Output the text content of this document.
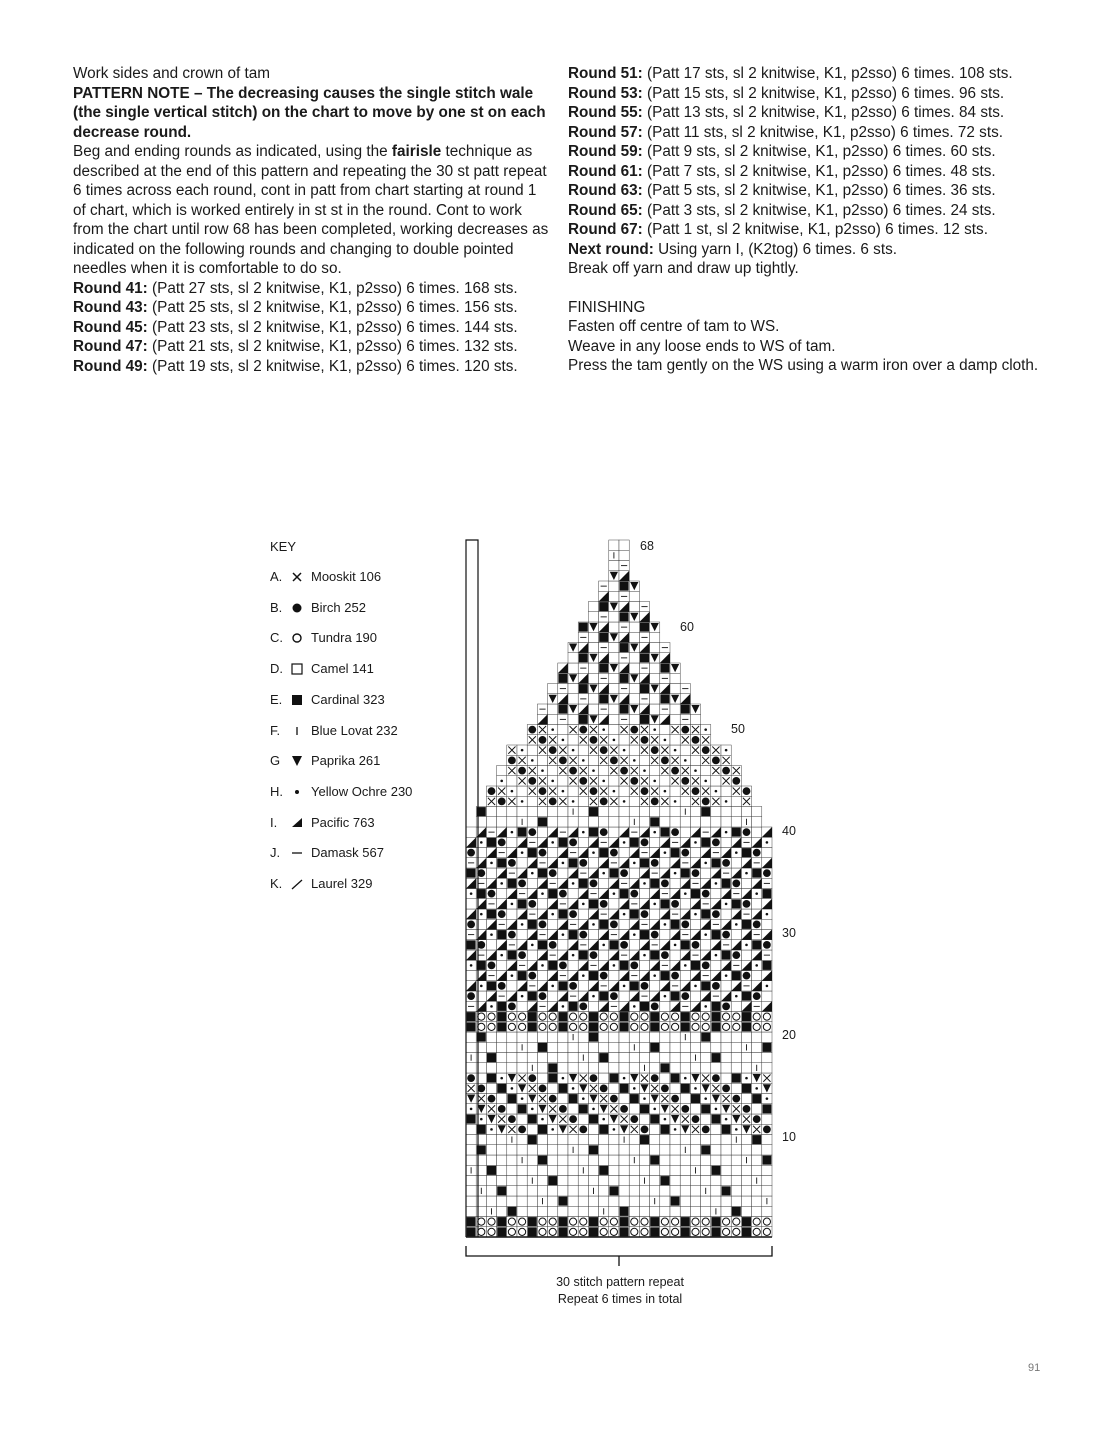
Work sides and crown of tam

PATTERN NOTE – The decreasing causes the single stitch wale (the single vertical stitch) on the chart to move by one st on each decrease round.

Beg and ending rounds as indicated, using the fairisle technique as described at the end of this pattern and repeating the 30 st patt repeat 6 times across each round, cont in patt from chart starting at round 1 of chart, which is worked entirely in st st in the round. Cont to work from the chart until row 68 has been completed, working decreases as indicated on the following rounds and changing to double pointed needles when it is comfortable to do so.

Round 41: (Patt 27 sts, sl 2 knitwise, K1, p2sso) 6 times. 168 sts.

Round 43: (Patt 25 sts, sl 2 knitwise, K1, p2sso) 6 times. 156 sts.

Round 45: (Patt 23 sts, sl 2 knitwise, K1, p2sso) 6 times. 144 sts.

Round 47: (Patt 21 sts, sl 2 knitwise, K1, p2sso) 6 times. 132 sts.

Round 49: (Patt 19 sts, sl 2 knitwise, K1, p2sso) 6 times. 120 sts.

Round 51: (Patt 17 sts, sl 2 knitwise, K1, p2sso) 6 times. 108 sts.

Round 53: (Patt 15 sts, sl 2 knitwise, K1, p2sso) 6 times. 96 sts.

Round 55: (Patt 13 sts, sl 2 knitwise, K1, p2sso) 6 times. 84 sts.

Round 57: (Patt 11 sts, sl 2 knitwise, K1, p2sso) 6 times. 72 sts.

Round 59: (Patt 9 sts, sl 2 knitwise, K1, p2sso) 6 times. 60 sts.

Round 61: (Patt 7 sts, sl 2 knitwise, K1, p2sso) 6 times. 48 sts.

Round 63: (Patt 5 sts, sl 2 knitwise, K1, p2sso) 6 times. 36 sts.

Round 65: (Patt 3 sts, sl 2 knitwise, K1, p2sso) 6 times. 24 sts.

Round 67: (Patt 1 st, sl 2 knitwise, K1, p2sso) 6 times. 12 sts.

Next round: Using yarn I, (K2tog) 6 times. 6 sts.

Break off yarn and draw up tightly.

FINISHING

Fasten off centre of tam to WS.

Weave in any loose ends to WS of tam.

Press the tam gently on the WS using a warm iron over a damp cloth.

KEY
A.	Mooskit 106
B.	Birch 252
C.	Tundra 190
D.	Camel 141
E.	Cardinal 323
F.	Blue Lovat 232
G	Paprika 261
H.	Yellow Ochre 230
I.	Pacific 763
J.	Damask 567
K.	Laurel 329
68
60
50
40
30
20
10
30 stitch pattern repeat
Repeat 6 times in total
91
